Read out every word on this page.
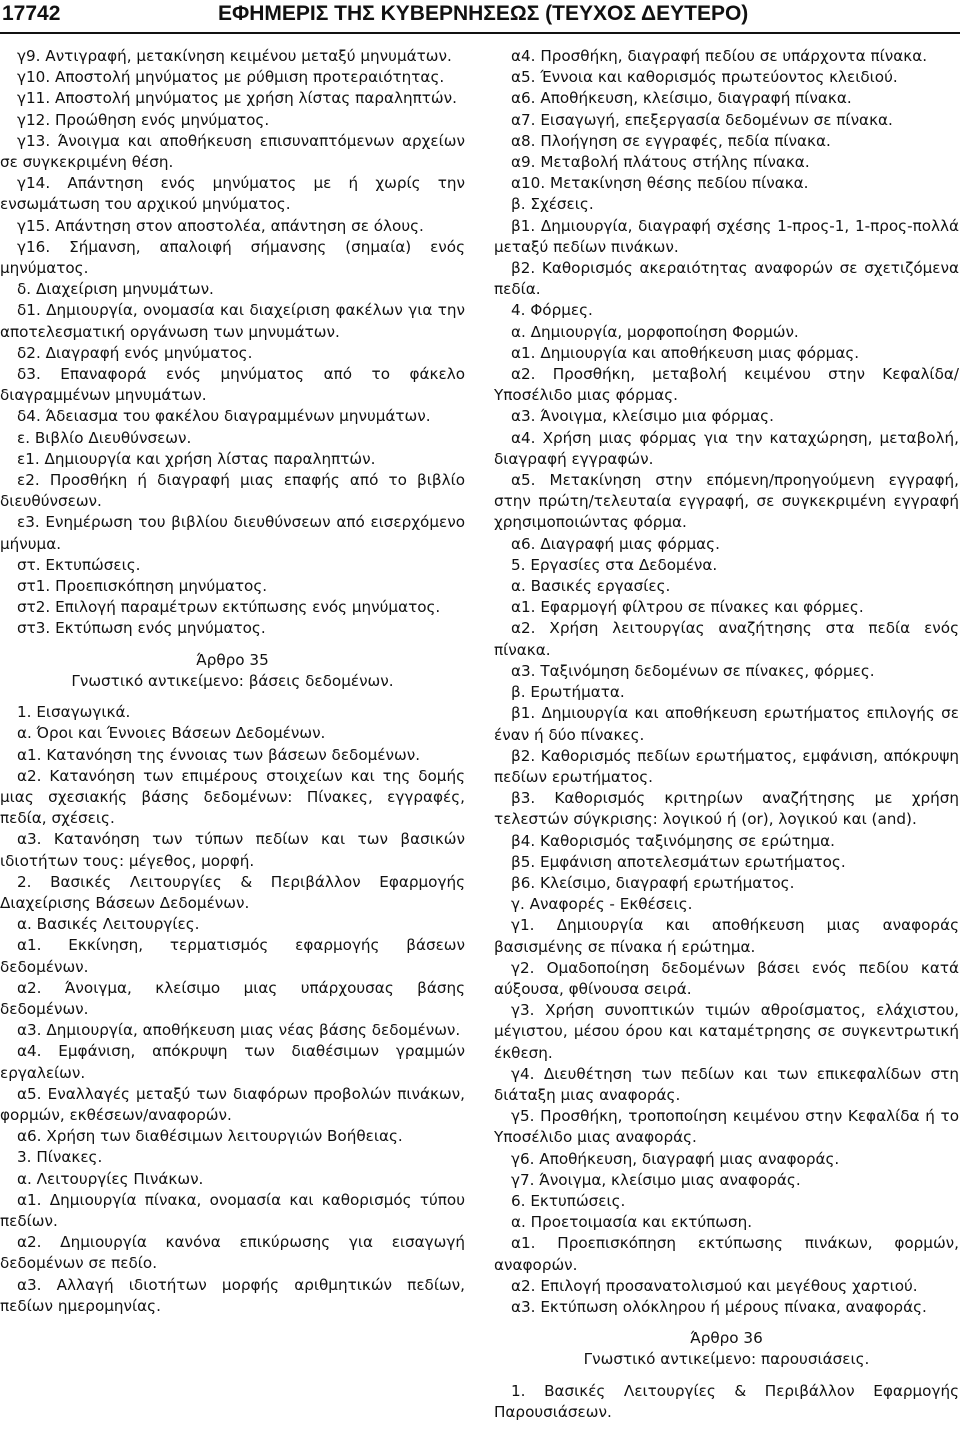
17742	ΕΦΗΜΕΡΙΣ ΤΗΣ ΚΥΒΕΡΝΗΣΕΩΣ (ΤΕΥΧΟΣ ΔΕΥΤΕΡΟ)

γ9. Αντιγραφή, μετακίνηση κειμένου μεταξύ μηνυμάτων.

γ10. Αποστολή μηνύματος με ρύθμιση προτεραιότητας.

γ11. Αποστολή μηνύματος με χρήση λίστας παραληπτών.

γ12. Προώθηση ενός μηνύματος.

γ13. Άνοιγμα και αποθήκευση επισυναπτόμενων αρχείων σε συγκεκριμένη θέση.

γ14. Απάντηση ενός μηνύματος με ή χωρίς την ενσωμάτωση του αρχικού μηνύματος.

γ15. Απάντηση στον αποστολέα, απάντηση σε όλους.

γ16. Σήμανση, απαλοιφή σήμανσης (σημαία) ενός μηνύματος.

δ. Διαχείριση μηνυμάτων.

δ1. Δημιουργία, ονομασία και διαχείριση φακέλων για την αποτελεσματική οργάνωση των μηνυμάτων.

δ2. Διαγραφή ενός μηνύματος.

δ3. Επαναφορά ενός μηνύματος από το φάκελο διαγραμμένων μηνυμάτων.

δ4. Άδειασμα του φακέλου διαγραμμένων μηνυμάτων.

ε. Βιβλίο Διευθύνσεων.

ε1. Δημιουργία και χρήση λίστας παραληπτών.

ε2. Προσθήκη ή διαγραφή μιας επαφής από το βιβλίο διευθύνσεων.

ε3. Ενημέρωση του βιβλίου διευθύνσεων από εισερχόμενο μήνυμα.

στ. Εκτυπώσεις.

στ1. Προεπισκόπηση μηνύματος.

στ2. Επιλογή παραμέτρων εκτύπωσης ενός μηνύματος.

στ3. Εκτύπωση ενός μηνύματος.

Άρθρο 35

Γνωστικό αντικείμενο: βάσεις δεδομένων.

1. Εισαγωγικά.

α. Όροι και Έννοιες Βάσεων Δεδομένων.

α1. Κατανόηση της έννοιας των βάσεων δεδομένων.

α2. Κατανόηση των επιμέρους στοιχείων και της δομής μιας σχεσιακής βάσης δεδομένων: Πίνακες, εγγραφές, πεδία, σχέσεις.

α3. Κατανόηση των τύπων πεδίων και των βασικών ιδιοτήτων τους: μέγεθος, μορφή.

2. Βασικές Λειτουργίες & Περιβάλλον Εφαρμογής Διαχείρισης Βάσεων Δεδομένων.

α. Βασικές Λειτουργίες.

α1. Εκκίνηση, τερματισμός εφαρμογής βάσεων δεδομένων.

α2. Άνοιγμα, κλείσιμο μιας υπάρχουσας βάσης δεδομένων.

α3. Δημιουργία, αποθήκευση μιας νέας βάσης δεδομένων.

α4. Εμφάνιση, απόκρυψη των διαθέσιμων γραμμών εργαλείων.

α5. Εναλλαγές μεταξύ των διαφόρων προβολών πινάκων, φορμών, εκθέσεων/αναφορών.

α6. Χρήση των διαθέσιμων λειτουργιών Βοήθειας.

3. Πίνακες.

α. Λειτουργίες Πινάκων.

α1. Δημιουργία πίνακα, ονομασία και καθορισμός τύπου πεδίων.

α2. Δημιουργία κανόνα επικύρωσης για εισαγωγή δεδομένων σε πεδίο.

α3. Αλλαγή ιδιοτήτων μορφής αριθμητικών πεδίων, πεδίων ημερομηνίας.

α4. Προσθήκη, διαγραφή πεδίου σε υπάρχοντα πίνακα.

α5. Έννοια και καθορισμός πρωτεύοντος κλειδιού.

α6. Αποθήκευση, κλείσιμο, διαγραφή πίνακα.

α7. Εισαγωγή, επεξεργασία δεδομένων σε πίνακα.

α8. Πλοήγηση σε εγγραφές, πεδία πίνακα.

α9. Μεταβολή πλάτους στήλης πίνακα.

α10. Μετακίνηση θέσης πεδίου πίνακα.

β. Σχέσεις.

β1. Δημιουργία, διαγραφή σχέσης 1-προς-1, 1-προς-πολλά μεταξύ πεδίων πινάκων.

β2. Καθορισμός ακεραιότητας αναφορών σε σχετιζόμενα πεδία.

4. Φόρμες.

α. Δημιουργία, μορφοποίηση Φορμών.

α1. Δημιουργία και αποθήκευση μιας φόρμας.

α2. Προσθήκη, μεταβολή κειμένου στην Κεφαλίδα/Υποσέλιδο μιας φόρμας.

α3. Άνοιγμα, κλείσιμο μια φόρμας.

α4. Χρήση μιας φόρμας για την καταχώρηση, μεταβολή, διαγραφή εγγραφών.

α5. Μετακίνηση στην επόμενη/προηγούμενη εγγραφή, στην πρώτη/τελευταία εγγραφή, σε συγκεκριμένη εγγραφή χρησιμοποιώντας φόρμα.

α6. Διαγραφή μιας φόρμας.

5. Εργασίες στα Δεδομένα.

α. Βασικές εργασίες.

α1. Εφαρμογή φίλτρου σε πίνακες και φόρμες.

α2. Χρήση λειτουργίας αναζήτησης στα πεδία ενός πίνακα.

α3. Ταξινόμηση δεδομένων σε πίνακες, φόρμες.

β. Ερωτήματα.

β1. Δημιουργία και αποθήκευση ερωτήματος επιλογής σε έναν ή δύο πίνακες.

β2. Καθορισμός πεδίων ερωτήματος, εμφάνιση, απόκρυψη πεδίων ερωτήματος.

β3. Καθορισμός κριτηρίων αναζήτησης με χρήση τελεστών σύγκρισης: λογικού ή (or), λογικού και (and).

β4. Καθορισμός ταξινόμησης σε ερώτημα.

β5. Εμφάνιση αποτελεσμάτων ερωτήματος.

β6. Κλείσιμο, διαγραφή ερωτήματος.

γ. Αναφορές - Εκθέσεις.

γ1. Δημιουργία και αποθήκευση μιας αναφοράς βασισμένης σε πίνακα ή ερώτημα.

γ2. Ομαδοποίηση δεδομένων βάσει ενός πεδίου κατά αύξουσα, φθίνουσα σειρά.

γ3. Χρήση συνοπτικών τιμών αθροίσματος, ελάχιστου, μέγιστου, μέσου όρου και καταμέτρησης σε συγκεντρωτική έκθεση.

γ4. Διευθέτηση των πεδίων και των επικεφαλίδων στη διάταξη μιας αναφοράς.

γ5. Προσθήκη, τροποποίηση κειμένου στην Κεφαλίδα ή το Υποσέλιδο μιας αναφοράς.

γ6. Αποθήκευση, διαγραφή μιας αναφοράς.

γ7. Άνοιγμα, κλείσιμο μιας αναφοράς.

6. Εκτυπώσεις.

α. Προετοιμασία και εκτύπωση.

α1. Προεπισκόπηση εκτύπωσης πινάκων, φορμών, αναφορών.

α2. Επιλογή προσανατολισμού και μεγέθους χαρτιού.

α3. Εκτύπωση ολόκληρου ή μέρους πίνακα, αναφοράς.

Άρθρο 36

Γνωστικό αντικείμενο: παρουσιάσεις.

1. Βασικές Λειτουργίες & Περιβάλλον Εφαρμογής Παρουσιάσεων.
